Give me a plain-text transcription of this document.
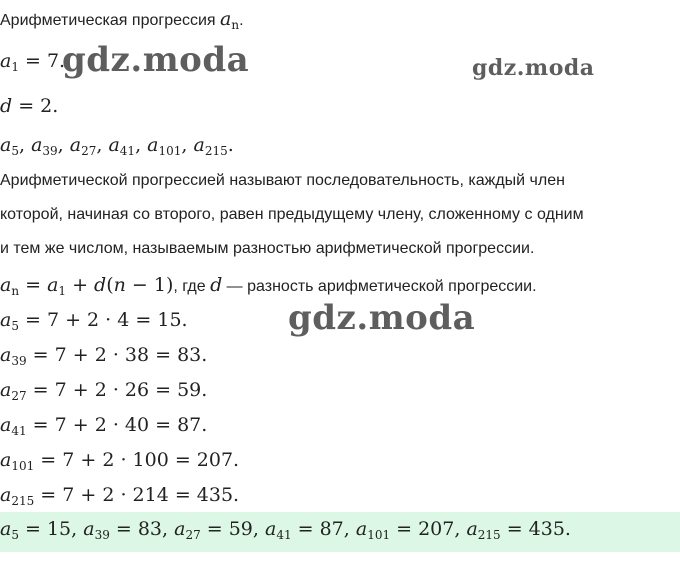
Арифметическая прогрессия $a_n$.
$a_1 = 7$.
d = 2.
$a_5$, $a_{39}$, $a_{27}$, $a_{41}$, $a_{101}$, $a_{215}$.
Арифметической прогрессией называют последовательность, каждый член
которой, начиная со второго, равен предыдущему члену, сложенному с одним
и тем же числом, называемым разностью арифметической прогрессии.
$a_n = a_1 + d(n - 1)$, где d — разность арифметической прогрессии.
$a_5 = 7 + 2 \cdot 4 = 15$.
$a_{39} = 7 + 2 \cdot 38 = 83$.
$a_{27} = 7 + 2 \cdot 26 = 59$.
$a_{41} = 7 + 2 \cdot 40 = 87$.
$a_{101} = 7 + 2 \cdot 100 = 207$.
$a_{215} = 7 + 2 \cdot 214 = 435$.
$a_5 = 15$, $a_{39} = 83$, $a_{27} = 59$, $a_{41} = 87$, $a_{101} = 207$, $a_{215} = 435$.
gdz.moda	gdz.moda
gdz.moda
